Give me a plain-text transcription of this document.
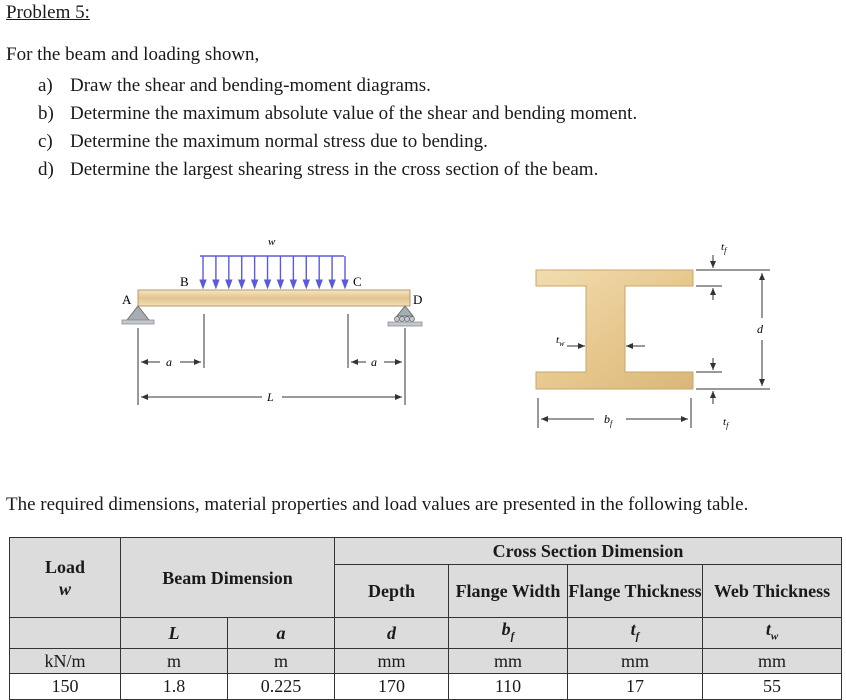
Problem 5:
For the beam and loading shown,
a) Draw the shear and bending-moment diagrams.
b) Determine the maximum absolute value of the shear and bending moment.
c) Determine the maximum normal stress due to bending.
d) Determine the largest shearing stress in the cross section of the beam.
w
A
B	C
D
a	a
L
$t_f$
$t_f$
$t_w$
d
$b_f$
The required dimensions, material properties and load values are presented in the following table.
Load
w	Beam Dimension		Cross Section Dimension			
			Depth	Flange Width	Flange Thickness	Web Thickness
	L	a	d	$b_f$	$t_f$	$t_w$
kN/m	m	m	mm	mm	mm	mm
150	1.8	0.225	170	110	17	55
